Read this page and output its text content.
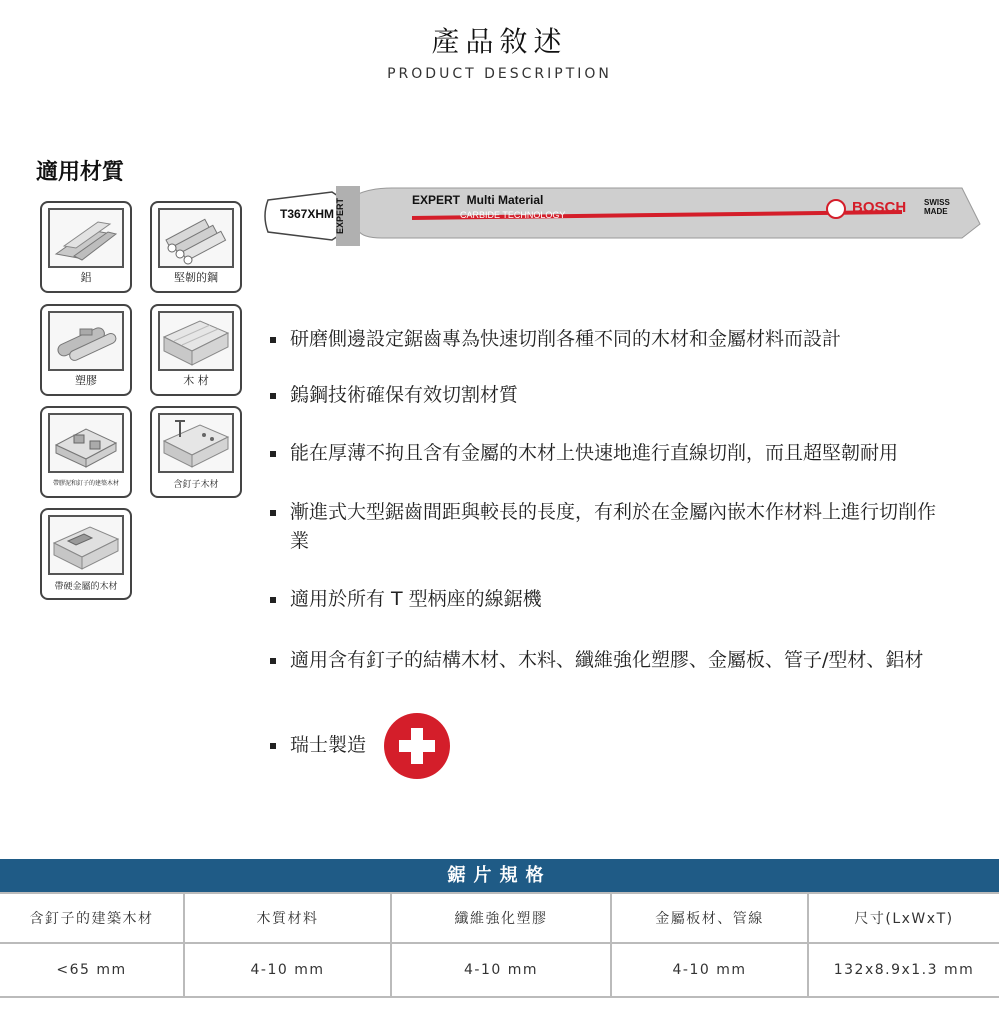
產品敘述
PRODUCT DESCRIPTION
適用材質
鋁	堅韌的鋼
塑膠	木 材
帶膠泥和釘子的建築木材	含釘子木材
帶硬金屬的木材
T367XHM EXPERT	EXPERT  Multi Material
CARBIDE TECHNOLOGY	BOSCH SWISS
MADE
研磨側邊設定鋸齒專為快速切削各種不同的木材和金屬材料而設計
鎢鋼技術確保有效切割材質
能在厚薄不拘且含有金屬的木材上快速地進行直線切削，而且超堅韌耐用
漸進式大型鋸齒間距與較長的長度，有利於在金屬內嵌木作材料上進行切削作業
適用於所有 T 型柄座的線鋸機
適用含有釘子的結構木材、木料、纖維強化塑膠、金屬板、管子/型材、鋁材
瑞士製造
鋸片規格
含釘子的建築木材	木質材料	纖維強化塑膠	金屬板材、管線	尺寸(LxWxT)
<65 mm	4-10 mm	4-10 mm	4-10 mm	132x8.9x1.3 mm
